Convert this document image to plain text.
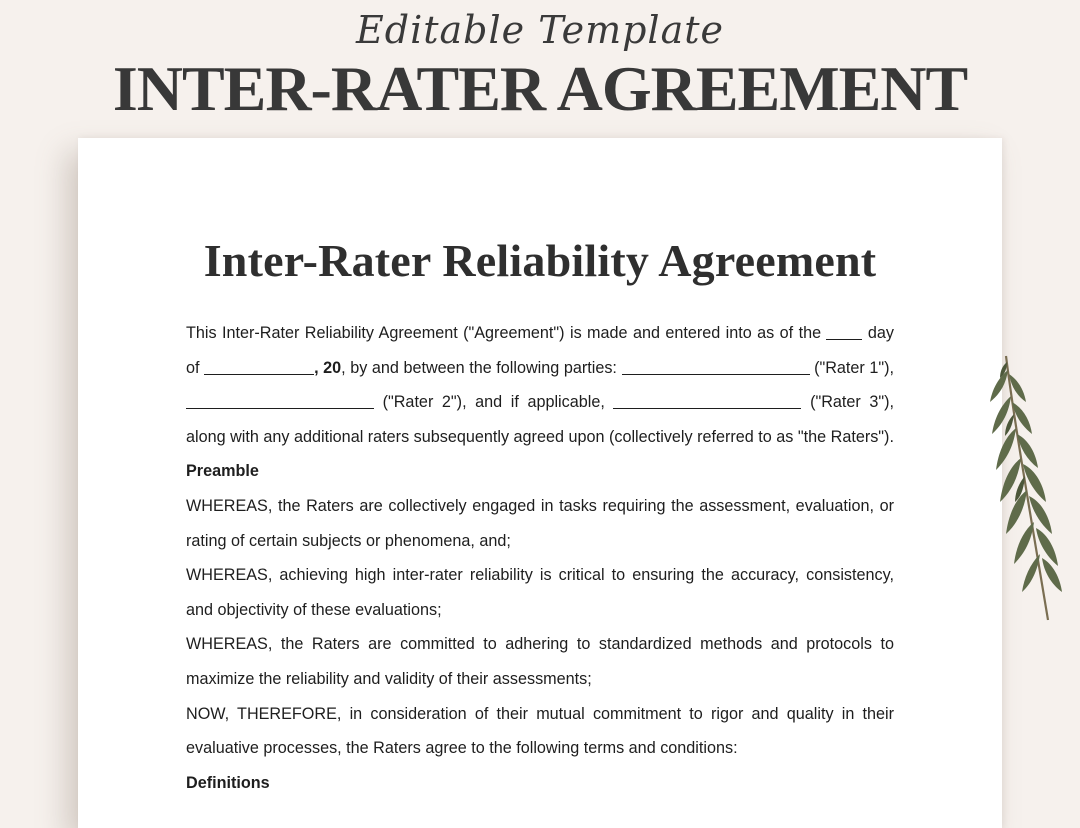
Editable Template
INTER-RATER AGREEMENT
Inter-Rater Reliability Agreement

This Inter-Rater Reliability Agreement ("Agreement") is made and entered into as of the	day of	, 20, by and between the following parties:	("Rater 1"),  ("Rater 2"), and if applicable,	("Rater 3"), along with any additional raters subsequently agreed upon (collectively referred to as "the Raters").

Preamble

WHEREAS, the Raters are collectively engaged in tasks requiring the assessment, evaluation, or rating of certain subjects or phenomena, and;

WHEREAS, achieving high inter-rater reliability is critical to ensuring the accuracy, consistency, and objectivity of these evaluations;

WHEREAS, the Raters are committed to adhering to standardized methods and protocols to maximize the reliability and validity of their assessments;

NOW, THEREFORE, in consideration of their mutual commitment to rigor and quality in their evaluative processes, the Raters agree to the following terms and conditions:

Definitions
